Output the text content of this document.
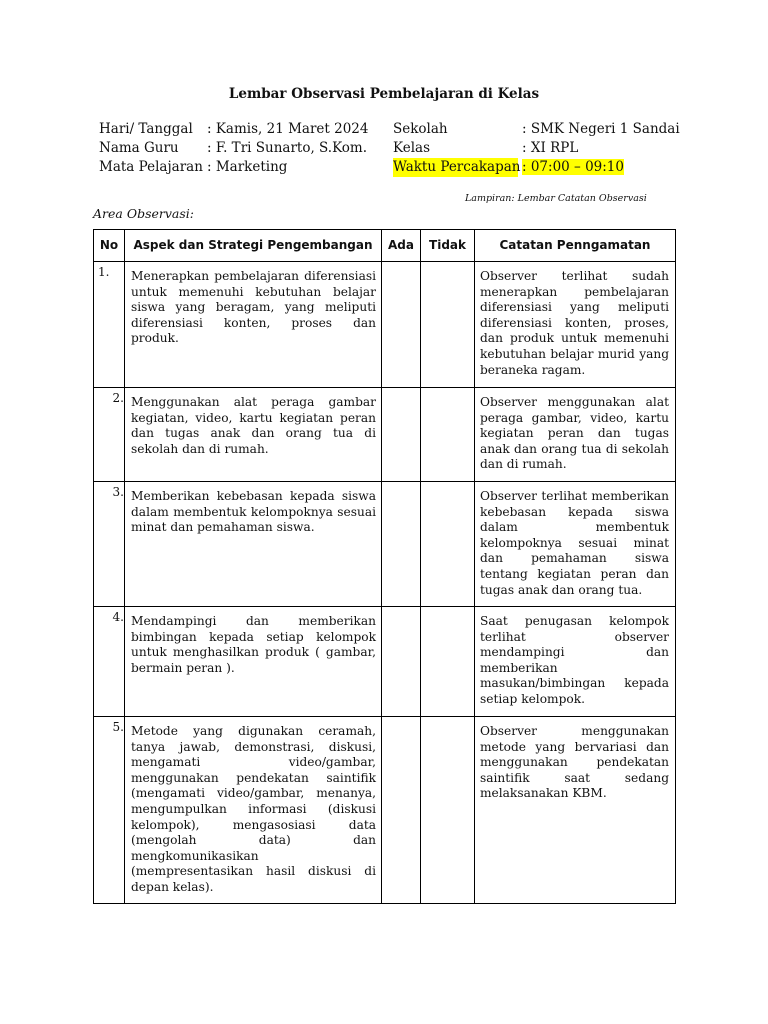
Lembar Observasi Pembelajaran di Kelas
Hari/ Tanggal : Kamis, 21 Maret 2024
Nama Guru : F. Tri Sunarto, S.Kom.
Mata Pelajaran : Marketing
Sekolah	: SMK Negeri 1 Sandai
Kelas	: XI RPL
Waktu Percakapan : 07:00 – 09:10
Lampiran: Lembar Catatan Observasi
Area Observasi:
No	Aspek dan Strategi Pengembangan	Ada	Tidak	Catatan Penngamatan

1.	Menerapkan pembelajaran diferensiasi untuk memenuhi kebutuhan belajar siswa yang beragam, yang meliputi diferensiasi konten, proses dan produk.			Observer terlihat sudah menerapkan pembelajaran diferensiasi yang meliputi diferensiasi konten, proses, dan produk untuk memenuhi kebutuhan belajar murid yang beraneka ragam.

2.	Menggunakan alat peraga gambar kegiatan, video, kartu kegiatan peran dan tugas anak dan orang tua di sekolah dan di rumah.			Observer menggunakan alat peraga gambar, video, kartu kegiatan peran dan tugas anak dan orang tua di sekolah dan di rumah.

3.	Memberikan kebebasan kepada siswa dalam membentuk kelompoknya sesuai minat dan pemahaman siswa.			Observer terlihat memberikan kebebasan kepada siswa dalam membentuk kelompoknya sesuai minat dan pemahaman siswa tentang kegiatan peran dan tugas anak dan orang tua.

4.	Mendampingi dan memberikan bimbingan kepada setiap kelompok untuk menghasilkan produk ( gambar, bermain peran ).			Saat penugasan kelompok terlihat observer mendampingi dan memberikan masukan/bimbingan kepada setiap kelompok.

5.	Metode yang digunakan ceramah, tanya jawab, demonstrasi, diskusi, mengamati video/gambar, menggunakan pendekatan saintifik (mengamati video/gambar, menanya, mengumpulkan informasi (diskusi kelompok), mengasosiasi data (mengolah data) dan mengkomunikasikan (mempresentasikan hasil diskusi di depan kelas).			Observer menggunakan metode yang bervariasi dan menggunakan pendekatan saintifik saat sedang melaksanakan KBM.
